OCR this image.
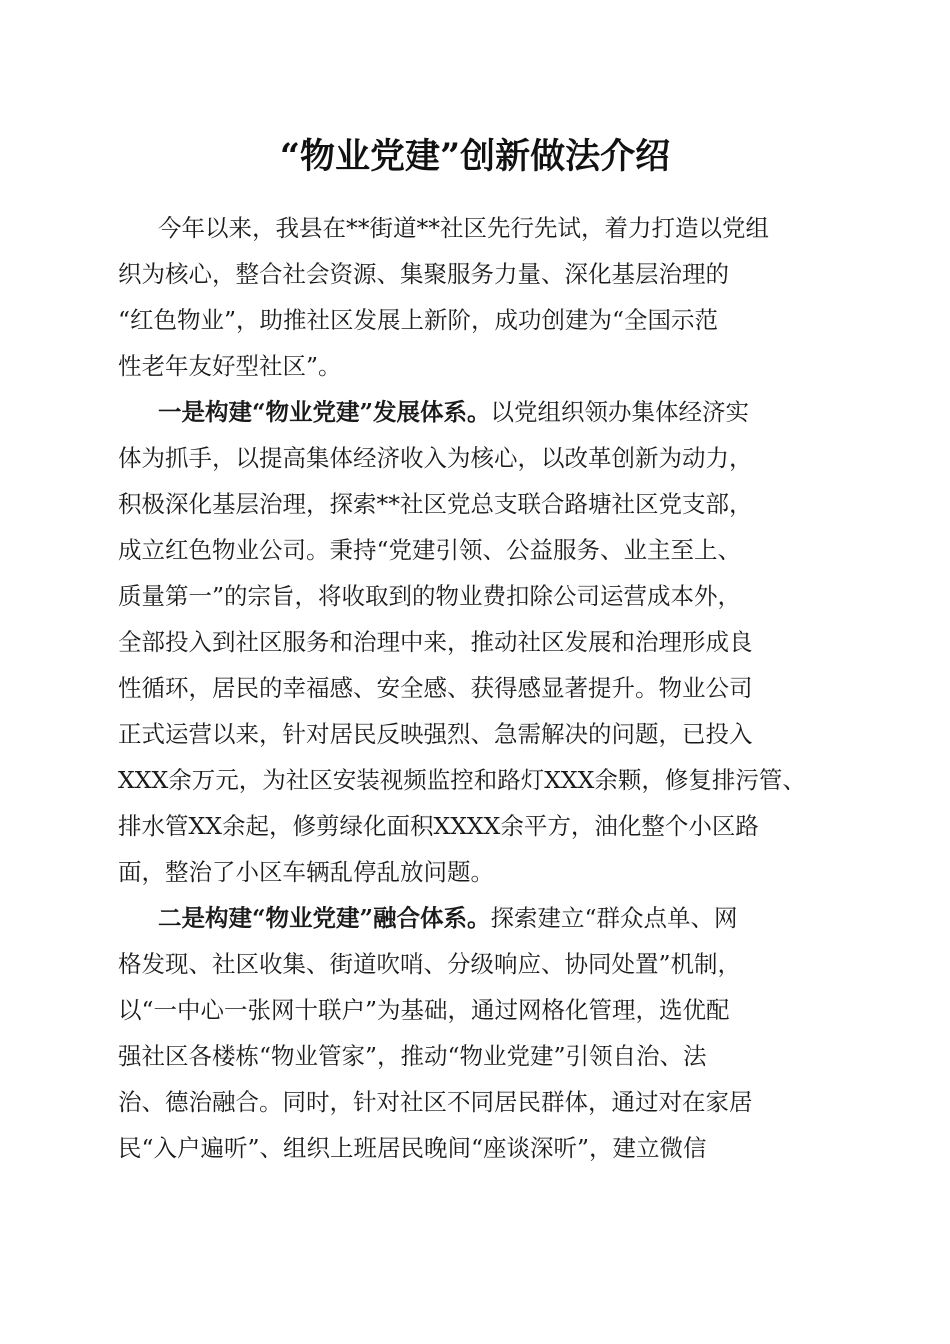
“物业党建”创新做法介绍
今年以来，我县在**街道**社区先行先试，着力打造以党组
织为核心，整合社会资源、集聚服务力量、深化基层治理的
“红色物业”，助推社区发展上新阶，成功创建为“全国示范
性老年友好型社区”。
一是构建“物业党建”发展体系。以党组织领办集体经济实
体为抓手，以提高集体经济收入为核心，以改革创新为动力，
积极深化基层治理，探索**社区党总支联合路塘社区党支部，
成立红色物业公司。秉持“党建引领、公益服务、业主至上、
质量第一”的宗旨，将收取到的物业费扣除公司运营成本外，
全部投入到社区服务和治理中来，推动社区发展和治理形成良
性循环，居民的幸福感、安全感、获得感显著提升。物业公司
正式运营以来，针对居民反映强烈、急需解决的问题，已投入
XXX余万元，为社区安装视频监控和路灯XXX余颗，修复排污管、
排水管XX余起，修剪绿化面积XXXX余平方，油化整个小区路
面，整治了小区车辆乱停乱放问题。
二是构建“物业党建”融合体系。探索建立“群众点单、网
格发现、社区收集、街道吹哨、分级响应、协同处置”机制，
以“一中心一张网十联户”为基础，通过网格化管理，选优配
强社区各楼栋“物业管家”，推动“物业党建”引领自治、法
治、德治融合。同时，针对社区不同居民群体，通过对在家居
民“入户遍听”、组织上班居民晚间“座谈深听”，建立微信
